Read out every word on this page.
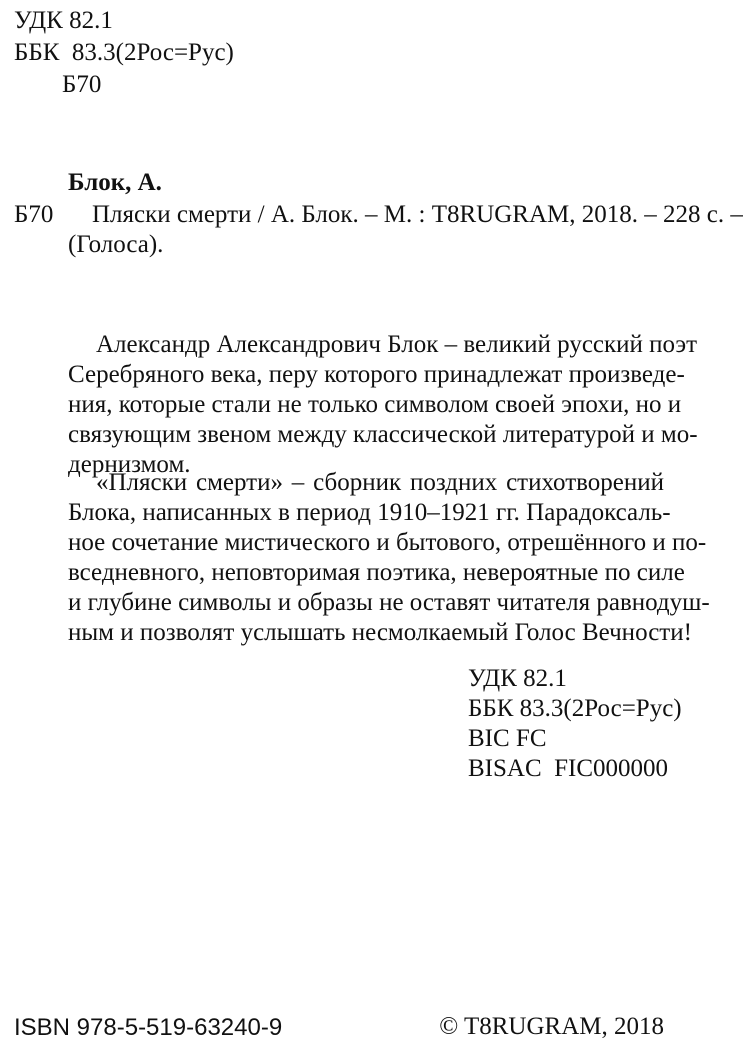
УДК 82.1
ББК  83.3(2Рос=Рус)
Б70
Блок, А.
Б70 Пляски смерти / А. Блок. – М. : T8RUGRAM, 2018. – 228 с. –
(Голоса).
Александр Александрович Блок – великий русский поэт
Серебряного века, перу которого принадлежат произведе-
ния, которые стали не только символом своей эпохи, но и
связующим звеном между классической литературой и мо-
дернизмом.
«Пляски смерти» – сборник поздних стихотворений
Блока, написанных в период 1910–1921 гг. Парадоксаль-
ное сочетание мистического и бытового, отрешённого и по-
вседневного, неповторимая поэтика, невероятные по силе
и глубине символы и образы не оставят читателя равнодуш-
ным и позволят услышать несмолкаемый Голос Вечности!
УДК 82.1
ББК 83.3(2Рос=Рус)
BIC FC
BISAC  FIC000000
ISBN 978-5-519-63240-9	© T8RUGRAM, 2018
